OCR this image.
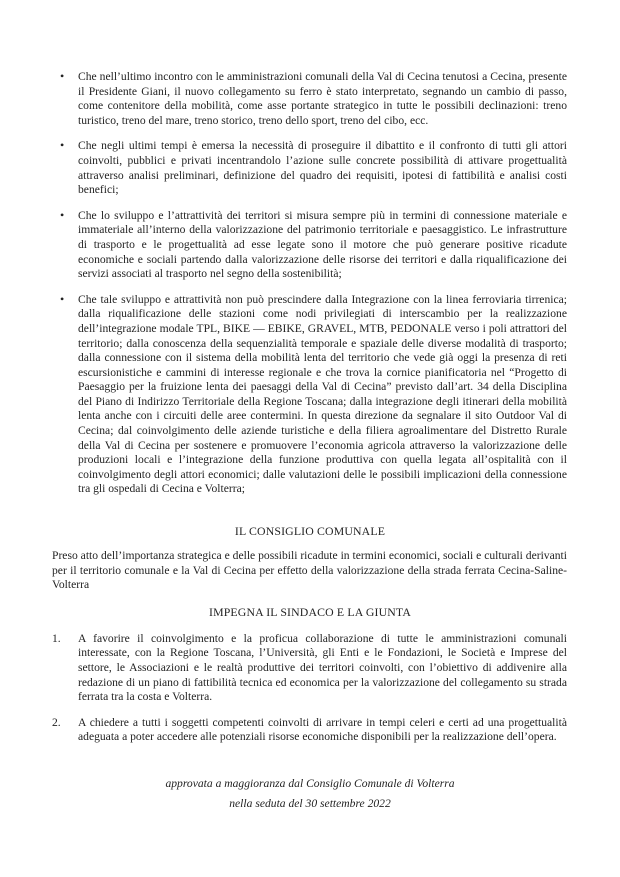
• Che nell’ultimo incontro con le amministrazioni comunali della Val di Cecina tenutosi a Cecina, presente il Presidente Giani, il nuovo collegamento su ferro è stato interpretato, segnando un cambio di passo, come contenitore della mobilità, come asse portante strategico in tutte le possibili declinazioni: treno turistico, treno del mare, treno storico, treno dello sport, treno del cibo, ecc.
• Che negli ultimi tempi è emersa la necessità di proseguire il dibattito e il confronto di tutti gli attori coinvolti, pubblici e privati incentrandolo l’azione sulle concrete possibilità di attivare progettualità attraverso analisi preliminari, definizione del quadro dei requisiti, ipotesi di fattibilità e analisi costi benefici;
• Che lo sviluppo e l’attrattività dei territori si misura sempre più in termini di connessione materiale e immateriale all’interno della valorizzazione del patrimonio territoriale e paesaggistico. Le infrastrutture di trasporto e le progettualità ad esse legate sono il motore che può generare positive ricadute economiche e sociali partendo dalla valorizzazione delle risorse dei territori e dalla riqualificazione dei servizi associati al trasporto nel segno della sostenibilità;
• Che tale sviluppo e attrattività non può prescindere dalla Integrazione con la linea ferroviaria tirrenica; dalla riqualificazione delle stazioni come nodi privilegiati di interscambio per la realizzazione dell’integrazione modale TPL, BIKE — EBIKE, GRAVEL, MTB, PEDONALE verso i poli attrattori del territorio; dalla conoscenza della sequenzialità temporale e spaziale delle diverse modalità di trasporto; dalla connessione con il sistema della mobilità lenta del territorio che vede già oggi la presenza di reti escursionistiche e cammini di interesse regionale e che trova la cornice pianificatoria nel “Progetto di Paesaggio per la fruizione lenta dei paesaggi della Val di Cecina” previsto dall’art. 34 della Disciplina del Piano di Indirizzo Territoriale della Regione Toscana; dalla integrazione degli itinerari della mobilità lenta anche con i circuiti delle aree contermini. In questa direzione da segnalare il sito Outdoor Val di Cecina; dal coinvolgimento delle aziende turistiche e della filiera agroalimentare del Distretto Rurale della Val di Cecina per sostenere e promuovere l’economia agricola attraverso la valorizzazione delle produzioni locali e l’integrazione della funzione produttiva con quella legata all’ospitalità con il coinvolgimento degli attori economici; dalle valutazioni delle le possibili implicazioni della connessione tra gli ospedali di Cecina e Volterra;
IL CONSIGLIO COMUNALE

Preso atto dell’importanza strategica e delle possibili ricadute in termini economici, sociali e culturali derivanti per il territorio comunale e la Val di Cecina per effetto della valorizzazione della strada ferrata Cecina-Saline-Volterra

IMPEGNA IL SINDACO E LA GIUNTA
1.	A favorire il coinvolgimento e la proficua collaborazione di tutte le amministrazioni comunali interessate, con la Regione Toscana, l’Università, gli Enti e le Fondazioni, le Società e Imprese del settore, le Associazioni e le realtà produttive dei territori coinvolti, con l’obiettivo di addivenire alla redazione di un piano di fattibilità tecnica ed economica per la valorizzazione del collegamento su strada ferrata tra la costa e Volterra.
2.	A chiedere a tutti i soggetti competenti coinvolti di arrivare in tempi celeri e certi ad una progettualità adeguata a poter accedere alle potenziali risorse economiche disponibili per la realizzazione dell’opera.
approvata a maggioranza dal Consiglio Comunale di Volterra
nella seduta del 30 settembre 2022
